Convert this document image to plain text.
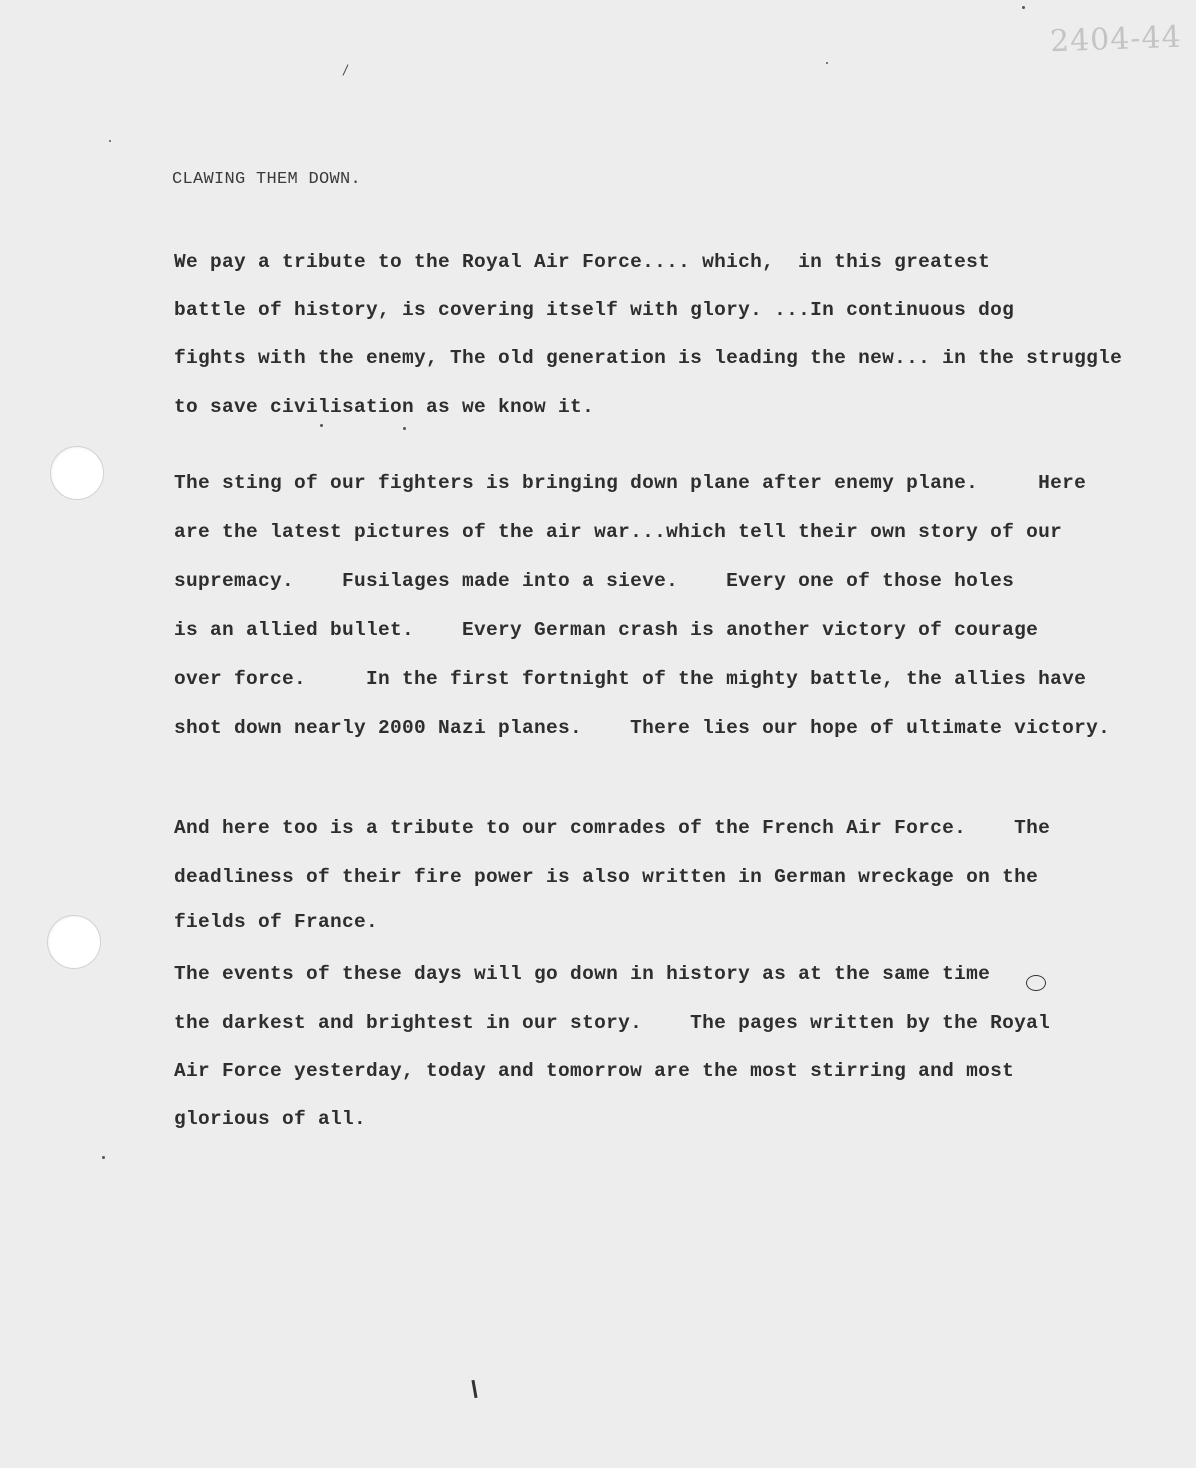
2404-44
CLAWING THEM DOWN.
We pay a tribute to the Royal Air Force.... which,  in this greatest
battle of history, is covering itself with glory. ...In continuous dog
fights with the enemy, The old generation is leading the new... in the struggle
to save civilisation as we know it.
The sting of our fighters is bringing down plane after enemy plane.     Here
are the latest pictures of the air war...which tell their own story of our
supremacy.    Fusilages made into a sieve.    Every one of those holes
is an allied bullet.    Every German crash is another victory of courage
over force.     In the first fortnight of the mighty battle, the allies have
shot down nearly 2000 Nazi planes.    There lies our hope of ultimate victory.
And here too is a tribute to our comrades of the French Air Force.    The
deadliness of their fire power is also written in German wreckage on the
fields of France.
The events of these days will go down in history as at the same time
the darkest and brightest in our story.    The pages written by the Royal
Air Force yesterday, today and tomorrow are the most stirring and most
glorious of all.
